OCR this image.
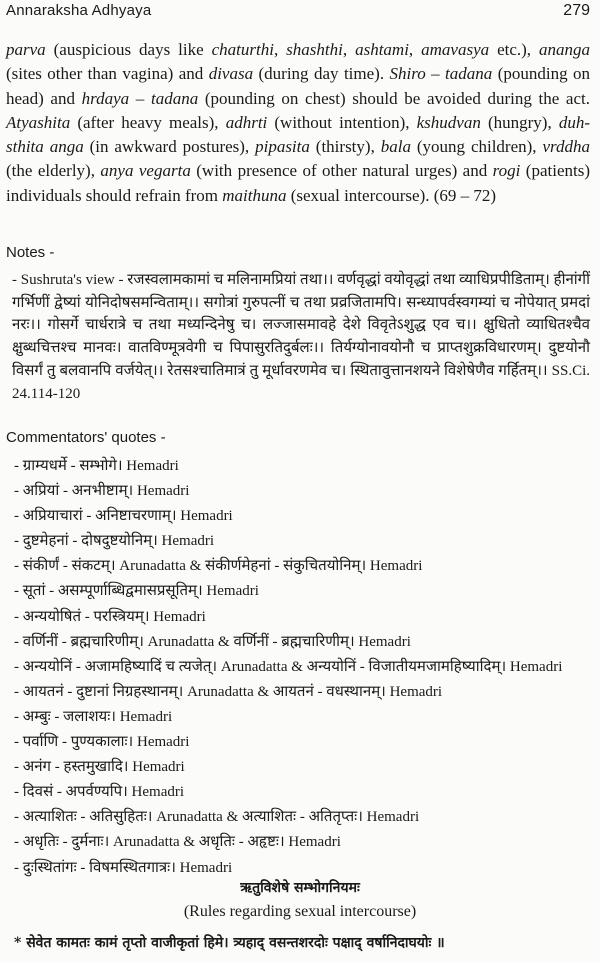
Annaraksha Adhyaya	279

parva (auspicious days like chaturthi, shashthi, ashtami, amavasya etc.), ananga (sites other than vagina) and divasa (during day time). Shiro – tadana (pounding on head) and hrdaya – tadana (pounding on chest) should be avoided during the act. Atyashita (after heavy meals), adhrti (without intention), kshudvan (hungry), duh-sthita anga (in awkward postures), pipasita (thirsty), bala (young children), vrddha (the elderly), anya vegarta (with presence of other natural urges) and rogi (patients) individuals should refrain from maithuna (sexual intercourse). (69 – 72)

Notes -
- Sushruta's view - रजस्वलामकामां च मलिनामप्रियां तथा।। वर्णवृद्धां वयोवृद्धां तथा व्याधिप्रपीडिताम्। हीनांगीं गर्भिणीं द्वेष्यां योनिदोषसमन्विताम्।। सगोत्रां गुरुपत्नीं च तथा प्रव्रजितामपि। सन्ध्यापर्वस्वगम्यां च नोपेयात् प्रमदां नरः।। गोसर्गे चार्धरात्रे च तथा मध्यन्दिनेषु च। लज्जासमावहे देशे विवृतेऽशुद्ध एव च।। क्षुधितो व्याधितश्चैव क्षुब्धचित्तश्च मानवः। वातविण्मूत्रवेगी च पिपासुरतिदुर्बलः।। तिर्यग्योनावयोनौ च प्राप्तशुक्रविधारणम्। दुष्टयोनौ विसर्गं तु बलवानपि वर्जयेत्।। रेतसश्चातिमात्रं तु मूर्धावरणमेव च। स्थितावुत्तानशयने विशेषेणैव गर्हितम्।। SS.Ci. 24.114-120
Commentators' quotes -
- ग्राम्यधर्मे - सम्भोगे। Hemadri
- अप्रियां - अनभीष्टाम्। Hemadri
- अप्रियाचारां - अनिष्टाचरणाम्। Hemadri
- दुष्टमेहनां - दोषदुष्टयोनिम्। Hemadri
- संकीर्णं - संकटम्। Arunadatta & संकीर्णमेहनां - संकुचितयोनिम्। Hemadri
- सूतां - असम्पूर्णाब्धिद्वमासप्रसूतिम्। Hemadri
- अन्ययोषितं - परस्त्रियम्। Hemadri
- वर्णिनीं - ब्रह्मचारिणीम्। Arunadatta & वर्णिनीं - ब्रह्मचारिणीम्। Hemadri
- अन्ययोनिं - अजामहिष्यादिं च त्यजेत्। Arunadatta & अन्ययोनिं - विजातीयमजामहिष्यादिम्। Hemadri
- आयतनं - दुष्टानां निग्रहस्थानम्। Arunadatta & आयतनं - वधस्थानम्। Hemadri
- अम्बुः - जलाशयः। Hemadri
- पर्वाणि - पुण्यकालाः। Hemadri
- अनंग - हस्तमुखादि। Hemadri
- दिवसं - अपर्वण्यपि। Hemadri
- अत्याशितः - अतिसुहितः। Arunadatta & अत्याशितः - अतितृप्तः। Hemadri
- अधृतिः - दुर्मनाः। Arunadatta & अधृतिः - अहृष्टः। Hemadri
- दुःस्थितांगः - विषमस्थितगात्रः। Hemadri
ऋतुविशेषे सम्भोगनियमः
(Rules regarding sexual intercourse)
* सेवेत कामतः कामं तृप्तो वाजीकृतां हिमे। त्र्यहाद् वसन्तशरदोः पक्षाद् वर्षानिदाघयोः ॥
